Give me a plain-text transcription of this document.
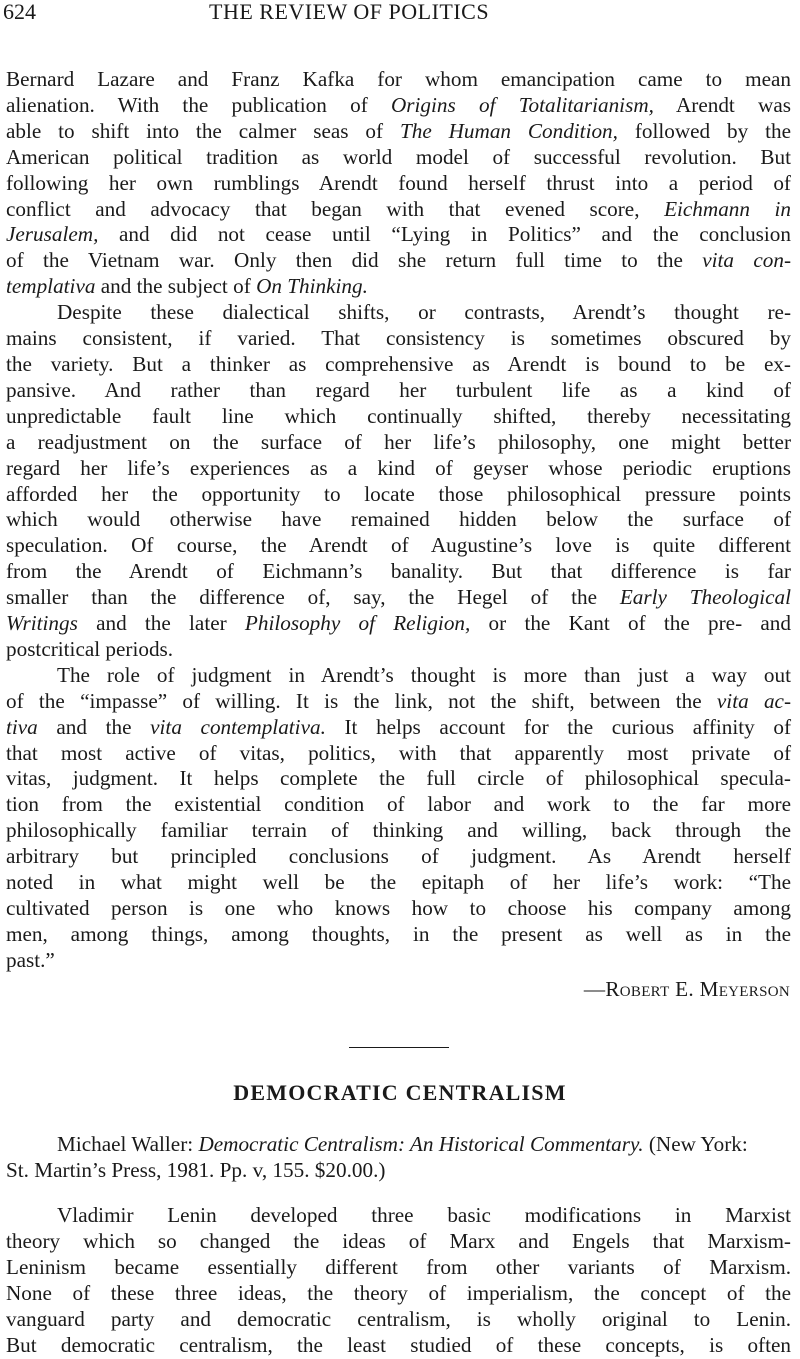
624	THE REVIEW OF POLITICS

Bernard Lazare and Franz Kafka for whom emancipation came to mean
alienation. With the publication of Origins of Totalitarianism, Arendt was
able to shift into the calmer seas of The Human Condition, followed by the
American political tradition as world model of successful revolution. But
following her own rumblings Arendt found herself thrust into a period of
conflict and advocacy that began with that evened score, Eichmann in
Jerusalem, and did not cease until “Lying in Politics” and the conclusion
of the Vietnam war. Only then did she return full time to the vita con-
templativa and the subject of On Thinking.

Despite these dialectical shifts, or contrasts, Arendt’s thought re-
mains consistent, if varied. That consistency is sometimes obscured by
the variety. But a thinker as comprehensive as Arendt is bound to be ex-
pansive. And rather than regard her turbulent life as a kind of
unpredictable fault line which continually shifted, thereby necessitating
a readjustment on the surface of her life’s philosophy, one might better
regard her life’s experiences as a kind of geyser whose periodic eruptions
afforded her the opportunity to locate those philosophical pressure points
which would otherwise have remained hidden below the surface of
speculation. Of course, the Arendt of Augustine’s love is quite different
from the Arendt of Eichmann’s banality. But that difference is far
smaller than the difference of, say, the Hegel of the Early Theological
Writings and the later Philosophy of Religion, or the Kant of the pre- and
postcritical periods.

The role of judgment in Arendt’s thought is more than just a way out
of the “impasse” of willing. It is the link, not the shift, between the vita ac-
tiva and the vita contemplativa. It helps account for the curious affinity of
that most active of vitas, politics, with that apparently most private of
vitas, judgment. It helps complete the full circle of philosophical specula-
tion from the existential condition of labor and work to the far more
philosophically familiar terrain of thinking and willing, back through the
arbitrary but principled conclusions of judgment. As Arendt herself
noted in what might well be the epitaph of her life’s work: “The
cultivated person is one who knows how to choose his company among
men, among things, among thoughts, in the present as well as in the
past.”

—Robert E. Meyerson
DEMOCRATIC CENTRALISM
Michael Waller: Democratic Centralism: An Historical Commentary. (New York:
St. Martin’s Press, 1981. Pp. v, 155. $20.00.)

Vladimir Lenin developed three basic modifications in Marxist
theory which so changed the ideas of Marx and Engels that Marxism-
Leninism became essentially different from other variants of Marxism.
None of these three ideas, the theory of imperialism, the concept of the
vanguard party and democratic centralism, is wholly original to Lenin.
But democratic centralism, the least studied of these concepts, is often
